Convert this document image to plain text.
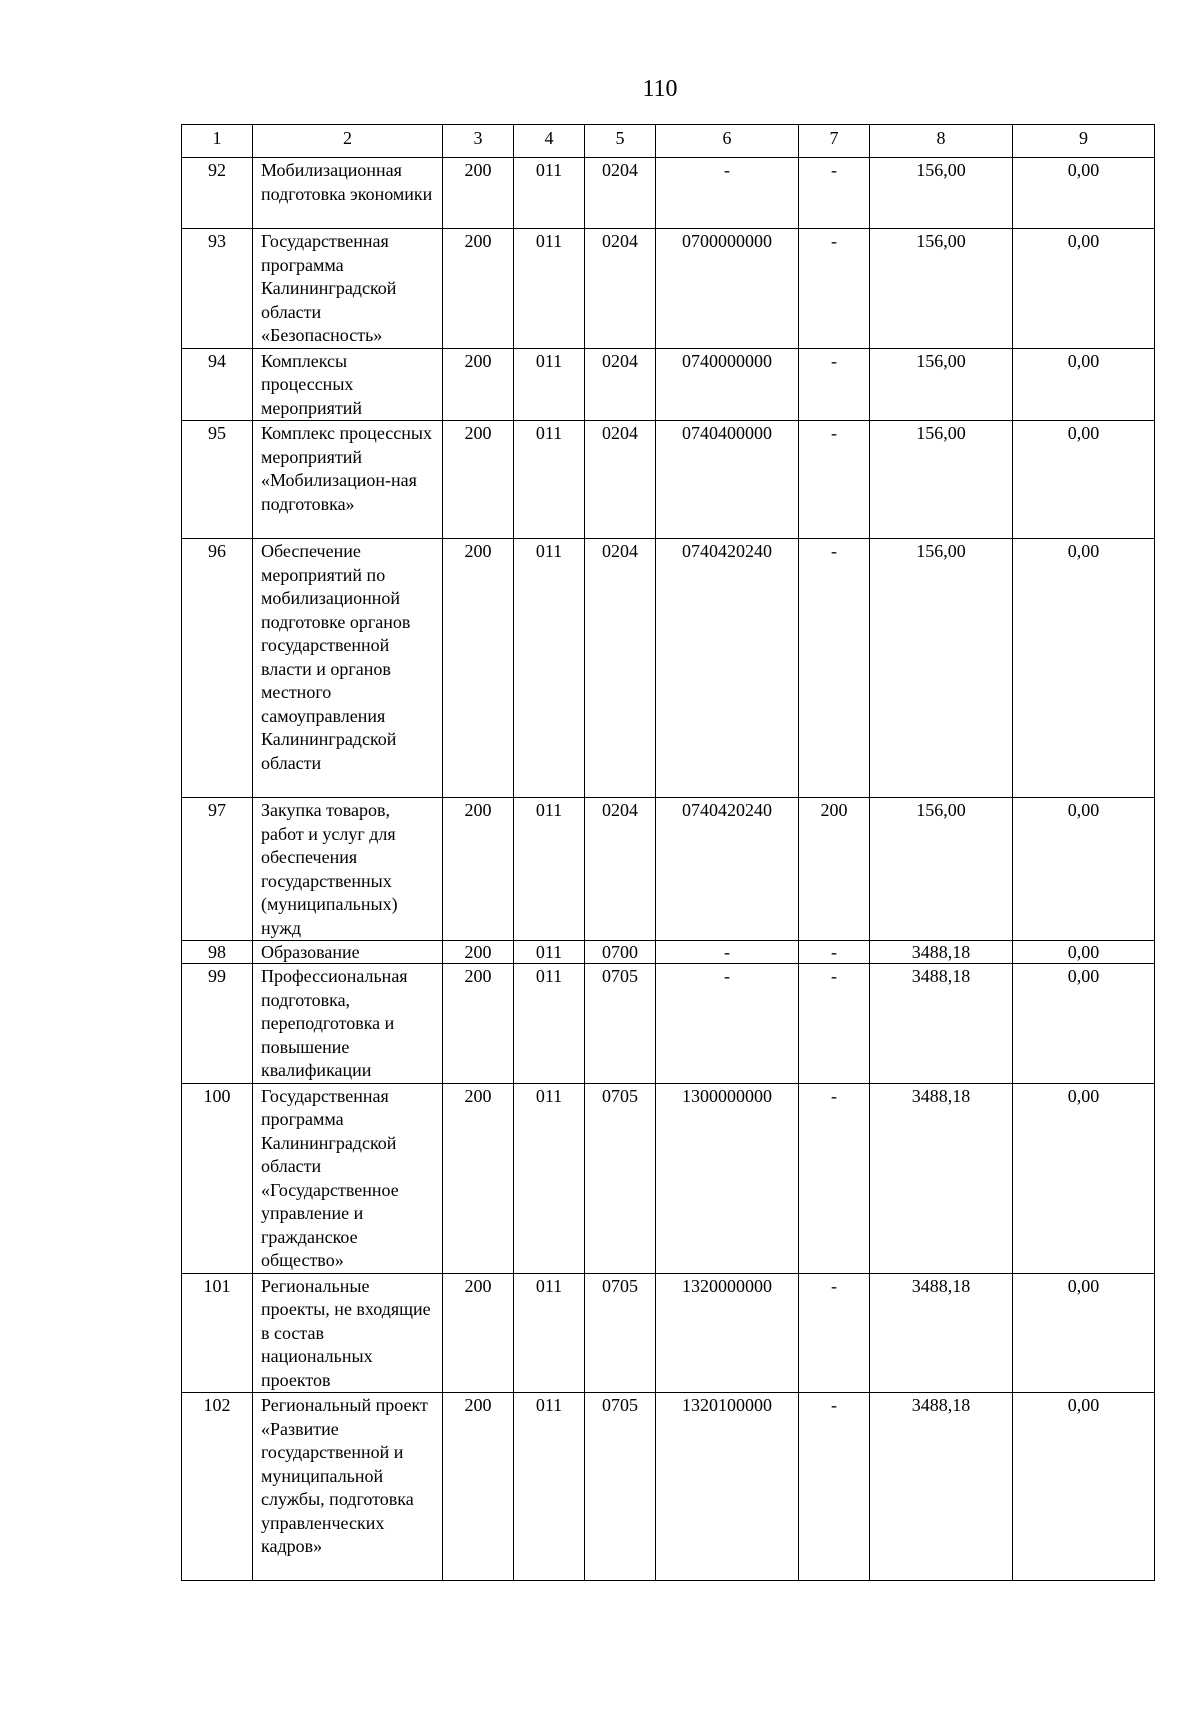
110
1	2	3	4	5	6	7	8	9
92	Мобилизационная подготовка экономики	200	011	0204	-	-	156,00	0,00
93	Государственная программа Калининградской области «Безопасность»	200	011	0204	0700000000	-	156,00	0,00
94	Комплексы процессных мероприятий	200	011	0204	0740000000	-	156,00	0,00
95	Комплекс процессных мероприятий «Мобилизацион-ная подготовка»	200	011	0204	0740400000	-	156,00	0,00
96	Обеспечение мероприятий по мобилизационной подготовке органов государственной власти и органов местного самоуправления Калининградской области	200	011	0204	0740420240	-	156,00	0,00
97	Закупка товаров, работ и услуг для обеспечения государственных (муниципальных) нужд	200	011	0204	0740420240	200	156,00	0,00
98	Образование	200	011	0700	-	-	3488,18	0,00
99	Профессиональная подготовка, переподготовка и повышение квалификации	200	011	0705	-	-	3488,18	0,00
100	Государственная программа Калининградской области «Государственное управление и гражданское общество»	200	011	0705	1300000000	-	3488,18	0,00
101	Региональные проекты, не входящие в состав национальных проектов	200	011	0705	1320000000	-	3488,18	0,00
102	Региональный проект «Развитие государственной и муниципальной службы, подготовка управленческих кадров»	200	011	0705	1320100000	-	3488,18	0,00
